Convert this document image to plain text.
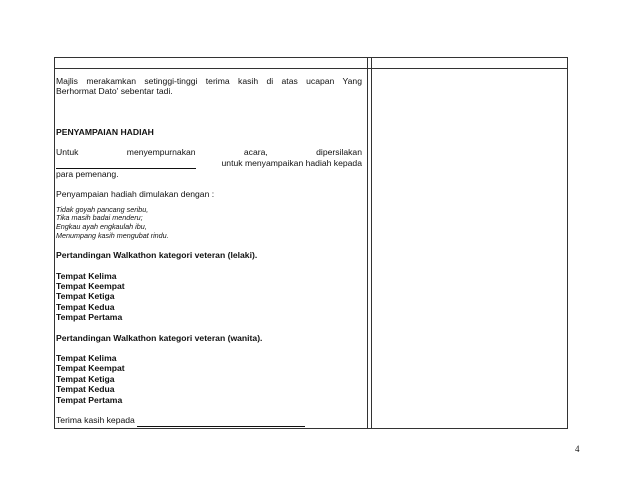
Majlis merakamkan setinggi-tinggi terima kasih di atas ucapan Yang

Berhormat Dato' sebentar tadi.

PENYAMPAIAN HADIAH

Untuk	menyempurnakan	acara,	dipersilakan

untuk menyampaikan hadiah kepada

para pemenang.

Penyampaian hadiah dimulakan dengan :

Tidak goyah pancang seribu,
Tika masih badai menderu;
Engkau ayah engkaulah ibu,
Menumpang kasih mengubat rindu.

Pertandingan Walkathon kategori veteran (lelaki).

Tempat Kelima
Tempat Keempat
Tempat Ketiga
Tempat Kedua
Tempat Pertama

Pertandingan Walkathon kategori veteran (wanita).

Tempat Kelima
Tempat Keempat
Tempat Ketiga
Tempat Kedua
Tempat Pertama

Terima kasih kepada

4
